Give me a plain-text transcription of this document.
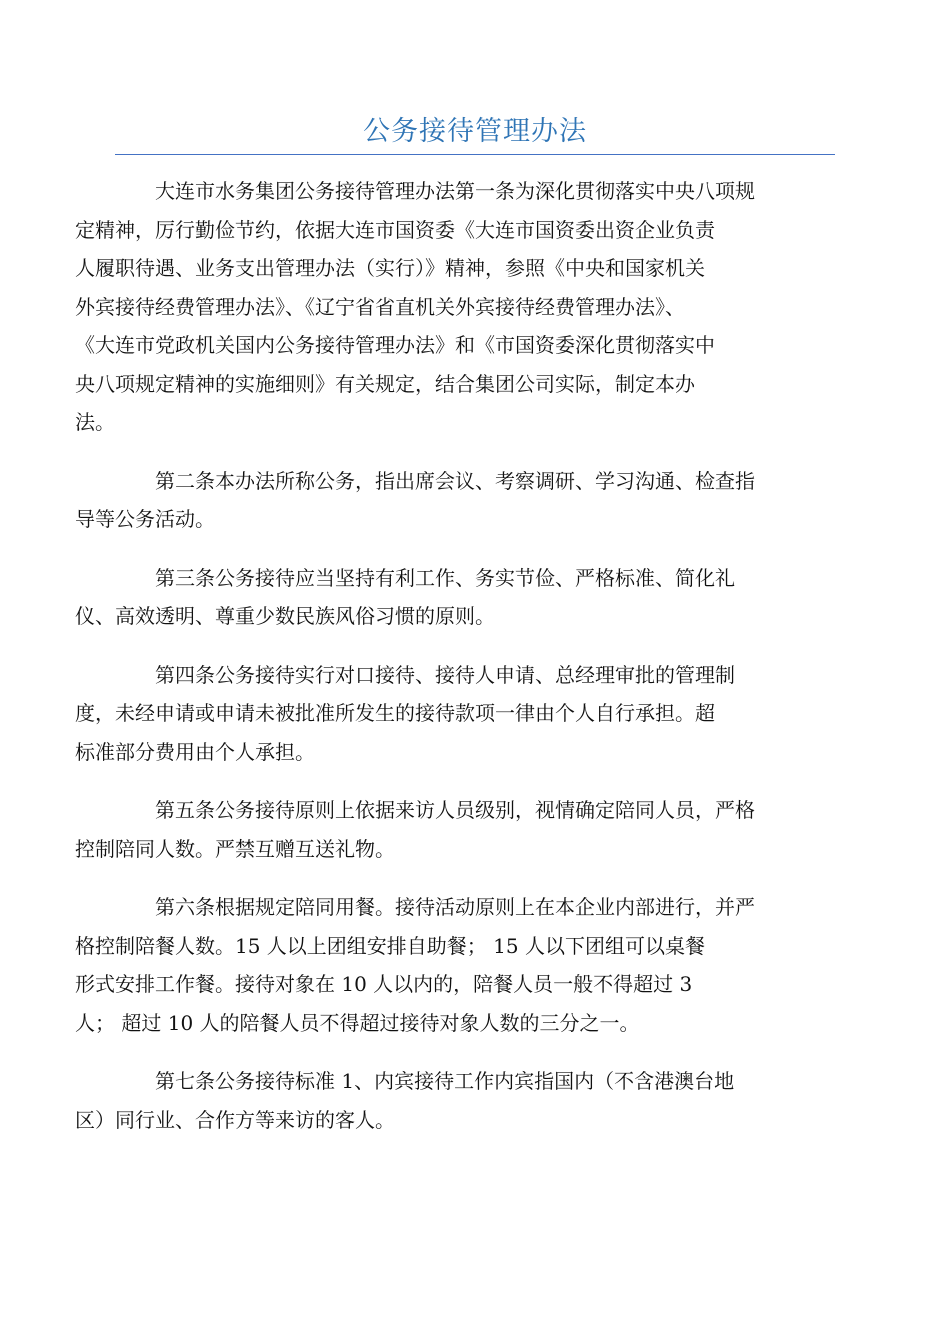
公务接待管理办法

大连市水务集团公务接待管理办法第一条为深化贯彻落实中央八项规
定精神，厉行勤俭节约，依据大连市国资委《大连市国资委出资企业负责
人履职待遇、业务支出管理办法（实行）》精神，参照《中央和国家机关
外宾接待经费管理办法》、《辽宁省省直机关外宾接待经费管理办法》、
《大连市党政机关国内公务接待管理办法》和《市国资委深化贯彻落实中
央八项规定精神的实施细则》有关规定，结合集团公司实际，制定本办
法。

第二条本办法所称公务，指出席会议、考察调研、学习沟通、检查指
导等公务活动。

第三条公务接待应当坚持有利工作、务实节俭、严格标准、简化礼
仪、高效透明、尊重少数民族风俗习惯的原则。

第四条公务接待实行对口接待、接待人申请、总经理审批的管理制
度，未经申请或申请未被批准所发生的接待款项一律由个人自行承担。超
标准部分费用由个人承担。

第五条公务接待原则上依据来访人员级别，视情确定陪同人员，严格
控制陪同人数。严禁互赠互送礼物。

第六条根据规定陪同用餐。接待活动原则上在本企业内部进行，并严
格控制陪餐人数。15 人以上团组安排自助餐； 15 人以下团组可以桌餐
形式安排工作餐。接待对象在 10 人以内的，陪餐人员一般不得超过 3
人； 超过 10 人的陪餐人员不得超过接待对象人数的三分之一。

第七条公务接待标准 1、内宾接待工作内宾指国内（不含港澳台地
区）同行业、合作方等来访的客人。
